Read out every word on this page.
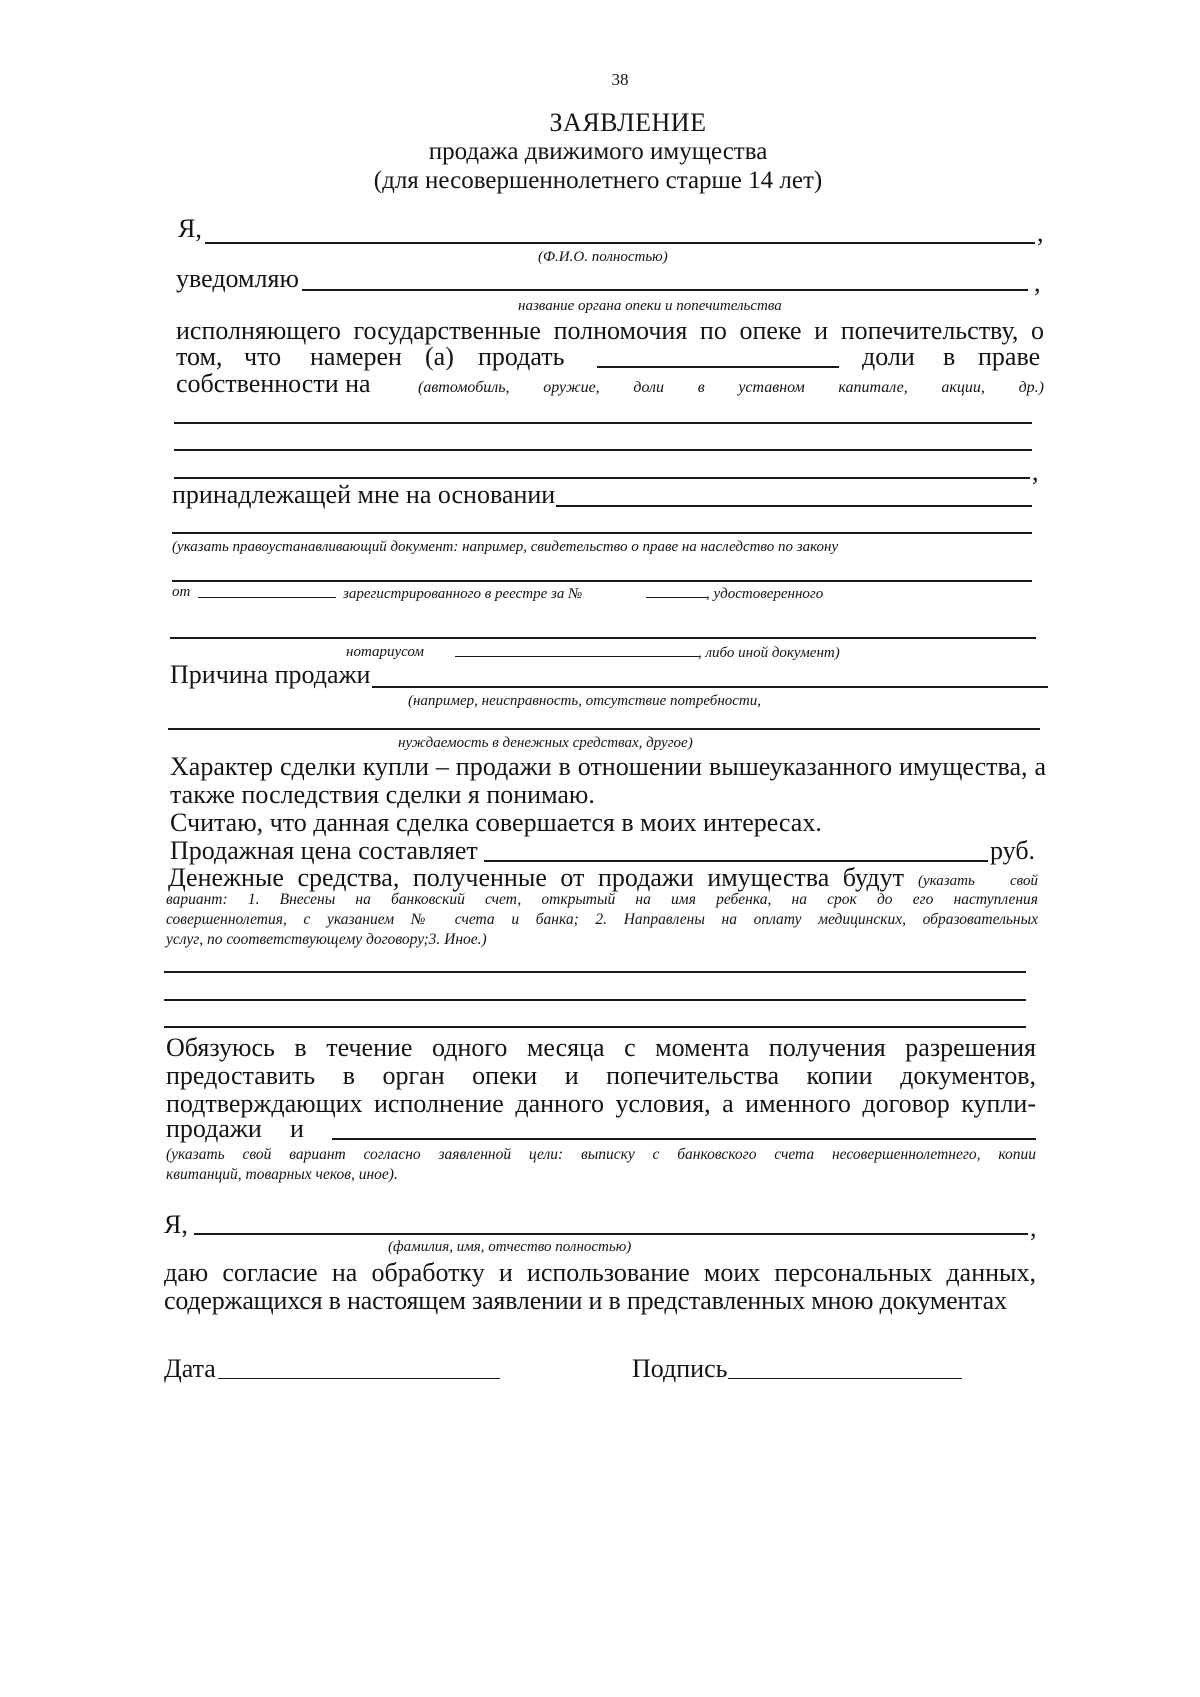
38
ЗАЯВЛЕНИЕ
продажа движимого имущества
(для несовершеннолетнего старше 14 лет)
Я,	,
(Ф.И.О. полностью)
уведомляю	,
название органа опеки и попечительства
исполняющего государственные полномочия по опеке и попечительству, о
том, что намерен (а) продать	доли в праве
собственности на	(автомобиль, оружие, доли в уставном капитале, акции, др.)
,
принадлежащей мне на основании
(указать правоустанавливающий документ: например, свидетельство о праве на наследство по закону
от	зарегистрированного в реестре за №	, удостоверенного
нотариусом	, либо иной документ)
Причина продажи
(например, неисправность, отсутствие потребности,
нуждаемость в денежных средствах, другое)
Характер сделки купли – продажи в отношении вышеуказанного имущества, а
также последствия сделки я понимаю.
Считаю, что данная сделка совершается в моих интересах.
Продажная цена составляет	руб.
Денежные средства, полученные от продажи имущества будут (указать свой
вариант: 1. Внесены на банковский счет, открытый на имя ребенка, на срок до его наступления
совершеннолетия, с указанием № счета и банка; 2. Направлены на оплату медицинских, образовательных
услуг, по соответствующему договору;3. Иное.)
Обязуюсь в течение одного месяца с момента получения разрешения
предоставить в орган опеки и попечительства копии документов,
подтверждающих исполнение данного условия, а именного договор купли-
продажи и
(указать свой вариант согласно заявленной цели: выписку с банковского счета несовершеннолетнего, копии
квитанций, товарных чеков, иное).
Я,	,
(фамилия, имя, отчество полностью)
даю согласие на обработку и использование моих персональных данных,
содержащихся в настоящем заявлении и в представленных мною документах
Дата	Подпись
